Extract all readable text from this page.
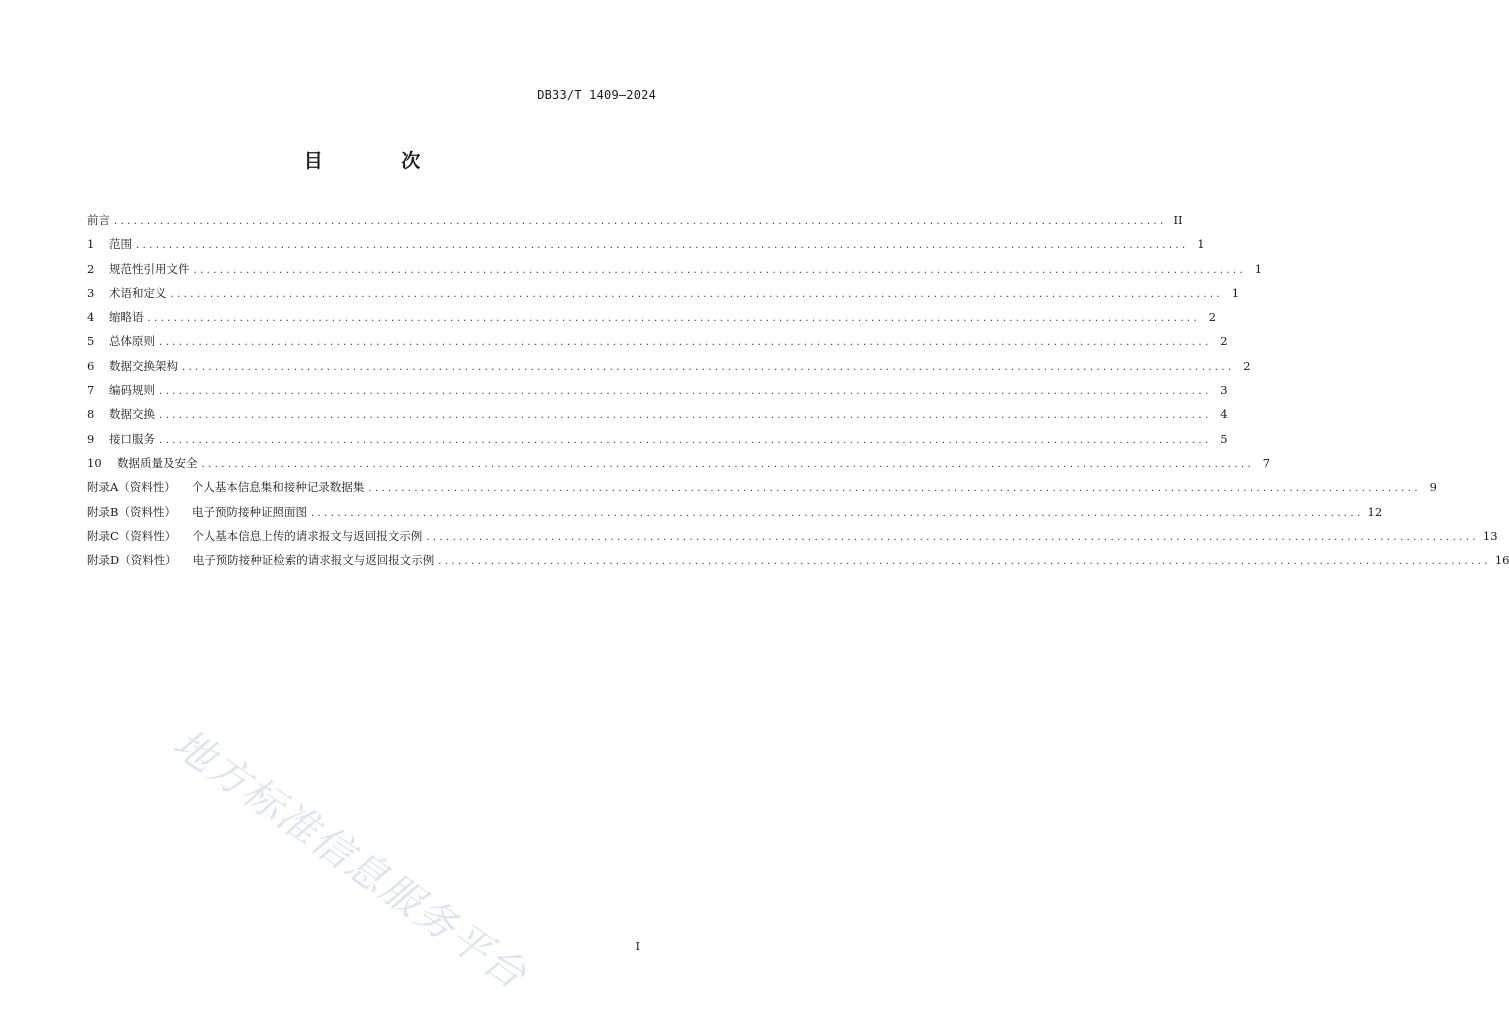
DB33/T 1409—2024
目 次
前言 ................................................................................................................................................................ II
1	范围 ................................................................................................................................................................ 1
2	规范性引用文件 ................................................................................................................................................................ 1
3	术语和定义 ................................................................................................................................................................ 1
4	缩略语 ................................................................................................................................................................ 2
5	总体原则 ................................................................................................................................................................ 2
6	数据交换架构 ................................................................................................................................................................ 2
7	编码规则 ................................................................................................................................................................ 3
8	数据交换 ................................................................................................................................................................ 4
9	接口服务 ................................................................................................................................................................ 5
10	数据质量及安全 ................................................................................................................................................................ 7
附录A（资料性）	个人基本信息集和接种记录数据集 ................................................................................................................................................................ 9
附录B（资料性）	电子预防接种证照面图 ................................................................................................................................................................ 12
附录C（资料性）	个人基本信息上传的请求报文与返回报文示例 ................................................................................................................................................................ 13
附录D（资料性）	电子预防接种证检索的请求报文与返回报文示例 ................................................................................................................................................................ 16
地方标准信息服务平台	I
